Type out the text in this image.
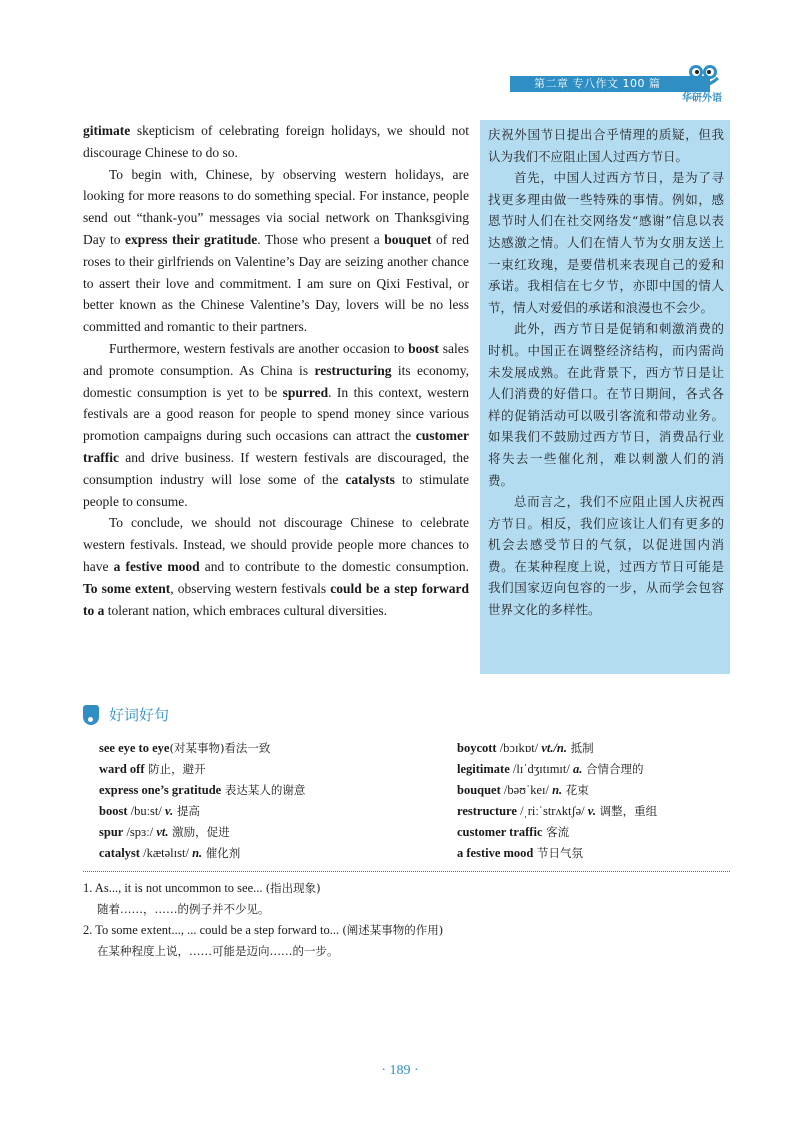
第二章 专八作文 100 篇
华研外语

gitimate skepticism of celebrating foreign holidays, we should not discourage Chinese to do so.

To begin with, Chinese, by observing western holidays, are looking for more reasons to do something special. For instance, people send out “thank-you” messages via social network on Thanksgiving Day to express their gratitude. Those who present a bouquet of red roses to their girlfriends on Valentine’s Day are seizing another chance to assert their love and commitment. I am sure on Qixi Festival, or better known as the Chinese Valentine’s Day, lovers will be no less committed and romantic to their partners.

Furthermore, western festivals are another occasion to boost sales and promote consumption. As China is restructuring its economy, domestic consumption is yet to be spurred. In this context, western festivals are a good reason for people to spend money since various promotion campaigns during such occasions can attract the customer traffic and drive business. If western festivals are discouraged, the consumption industry will lose some of the catalysts to stimulate people to consume.

To conclude, we should not discourage Chinese to celebrate western festivals. Instead, we should provide people more chances to have a festive mood and to contribute to the domestic consumption. To some extent, observing western festivals could be a step forward to a tolerant nation, which embraces cultural diversities.

庆祝外国节日提出合乎情理的质疑，但我认为我们不应阻止国人过西方节日。

首先，中国人过西方节日，是为了寻找更多理由做一些特殊的事情。例如，感恩节时人们在社交网络发“感谢”信息以表达感激之情。人们在情人节为女朋友送上一束红玫瑰，是要借机来表现自己的爱和承诺。我相信在七夕节，亦即中国的情人节，情人对爱侣的承诺和浪漫也不会少。

此外，西方节日是促销和刺激消费的时机。中国正在调整经济结构，而内需尚未发展成熟。在此背景下，西方节日是让人们消费的好借口。在节日期间，各式各样的促销活动可以吸引客流和带动业务。如果我们不鼓励过西方节日，消费品行业将失去一些催化剂，难以刺激人们的消费。

总而言之，我们不应阻止国人庆祝西方节日。相反，我们应该让人们有更多的机会去感受节日的气氛，以促进国内消费。在某种程度上说，过西方节日可能是我们国家迈向包容的一步，从而学会包容世界文化的多样性。

好词好句
see eye to eye(对某事物)看法一致	boycott /bɔɪkɒt/ vt./n. 抵制
ward off 防止，避开	legitimate /lɪˈdʒɪtɪmɪt/ a. 合情合理的
express one’s gratitude 表达某人的谢意	bouquet /bəʊˈkeɪ/ n. 花束
boost /buːst/ v. 提高	restructure /ˌriːˈstrʌktʃə/ v. 调整，重组
spur /spɜː/ vt. 激励，促进	customer traffic 客流
catalyst /kætəlɪst/ n. 催化剂	a festive mood 节日气氛
1. As..., it is not uncommon to see... (指出现象)
随着……，……的例子并不少见。
2. To some extent..., ... could be a step forward to... (阐述某事物的作用)
在某种程度上说，……可能是迈向……的一步。
· 189 ·
